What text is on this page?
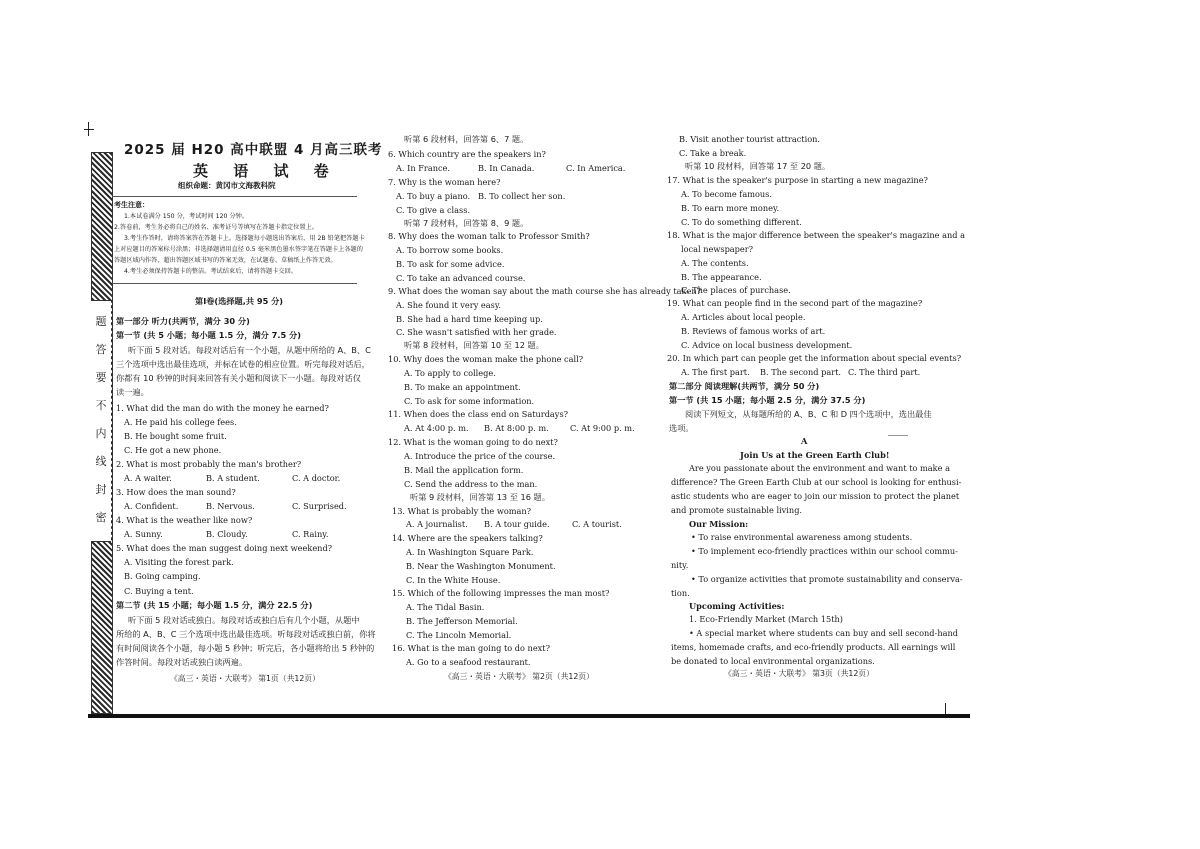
题
答
要
不
内
线
封
密
2025 届 H20 高中联盟 4 月高三联考
英 语 试 卷
组织命题：黄冈市文海教科院
考生注意：
1.本试卷满分 150 分，考试时间 120 分钟。
2.答卷前，考生务必将自己的姓名、准考证号等填写在答题卡指定位置上。
3.考生作答时，请将答案答在答题卡上。选择题每小题选出答案后，用 2B 铅笔把答题卡
上对应题目的答案标号涂黑；非选择题请用直径 0.5 毫米黑色墨水签字笔在答题卡上各题的
答题区域内作答，超出答题区域书写的答案无效，在试题卷、草稿纸上作答无效。
4.考生必须保持答题卡的整洁。考试结束后，请将答题卡交回。
第Ⅰ卷(选择题,共 95 分)
第一部分 听力(共两节，满分 30 分)
第一节 (共 5 小题；每小题 1.5 分，满分 7.5 分)
听下面 5 段对话。每段对话后有一个小题，从题中所给的 A、B、C
三个选项中选出最佳选项，并标在试卷的相应位置。听完每段对话后，
你都有 10 秒钟的时间来回答有关小题和阅读下一小题。每段对话仅
读一遍。
1. What did the man do with the money he earned?
A. He paid his college fees.
B. He bought some fruit.
C. He got a new phone.
2. What is most probably the man's brother?
A. A waiter.	B. A student.	C. A doctor.
3. How does the man sound?
A. Confident.	B. Nervous.	C. Surprised.
4. What is the weather like now?
A. Sunny.	B. Cloudy.	C. Rainy.
5. What does the man suggest doing next weekend?
A. Visiting the forest park.
B. Going camping.
C. Buying a tent.
第二节 (共 15 小题；每小题 1.5 分，满分 22.5 分)
听下面 5 段对话或独白。每段对话或独白后有几个小题，从题中
所给的 A、B、C 三个选项中选出最佳选项。听每段对话或独白前，你将
有时间阅读各个小题，每小题 5 秒钟；听完后，各小题将给出 5 秒钟的
作答时间。每段对话或独白读两遍。
听第 6 段材料，回答第 6、7 题。
6. Which country are the speakers in?
A. In France.	B. In Canada.	C. In America.
7. Why is the woman here?
A. To buy a piano. B. To collect her son.
C. To give a class.
听第 7 段材料，回答第 8、9 题。
8. Why does the woman talk to Professor Smith?
A. To borrow some books.
B. To ask for some advice.
C. To take an advanced course.
9. What does the woman say about the math course she has already taken?
A. She found it very easy.
B. She had a hard time keeping up.
C. She wasn't satisfied with her grade.
听第 8 段材料，回答第 10 至 12 题。
10. Why does the woman make the phone call?
A. To apply to college.
B. To make an appointment.
C. To ask for some information.
11. When does the class end on Saturdays?
A. At 4:00 p. m. B. At 8:00 p. m.	C. At 9:00 p. m.
12. What is the woman going to do next?
A. Introduce the price of the course.
B. Mail the application form.
C. Send the address to the man.
听第 9 段材料，回答第 13 至 16 题。
13. What is probably the woman?
A. A journalist. B. A tour guide.	C. A tourist.
14. Where are the speakers talking?
A. In Washington Square Park.
B. Near the Washington Monument.
C. In the White House.
15. Which of the following impresses the man most?
A. The Tidal Basin.
B. The Jefferson Memorial.
C. The Lincoln Memorial.
16. What is the man going to do next?
A. Go to a seafood restaurant.
B. Visit another tourist attraction.
C. Take a break.
听第 10 段材料，回答第 17 至 20 题。
17. What is the speaker's purpose in starting a new magazine?
A. To become famous.
B. To earn more money.
C. To do something different.
18. What is the major difference between the speaker's magazine and a
local newspaper?
A. The contents.
B. The appearance.
C. The places of purchase.
19. What can people find in the second part of the magazine?
A. Articles about local people.
B. Reviews of famous works of art.
C. Advice on local business development.
20. In which part can people get the information about special events?
A. The first part. B. The second part. C. The third part.
第二部分 阅读理解(共两节，满分 50 分)
第一节 (共 15 小题；每小题 2.5 分，满分 37.5 分)
阅读下列短文，从每题所给的 A、B、C 和 D 四个选项中，选出最佳
选项。
A
Join Us at the Green Earth Club!
Are you passionate about the environment and want to make a
difference? The Green Earth Club at our school is looking for enthusi-
astic students who are eager to join our mission to protect the planet
and promote sustainable living.
Our Mission:
• To raise environmental awareness among students.
• To implement eco-friendly practices within our school commu-
nity.
• To organize activities that promote sustainability and conserva-
tion.
Upcoming Activities:
1. Eco-Friendly Market (March 15th)
• A special market where students can buy and sell second-hand
items, homemade crafts, and eco-friendly products. All earnings will
be donated to local environmental organizations.
《高三・英语・大联考》 第1页（共12页）	《高三・英语・大联考》 第2页（共12页）	《高三・英语・大联考》 第3页（共12页）
